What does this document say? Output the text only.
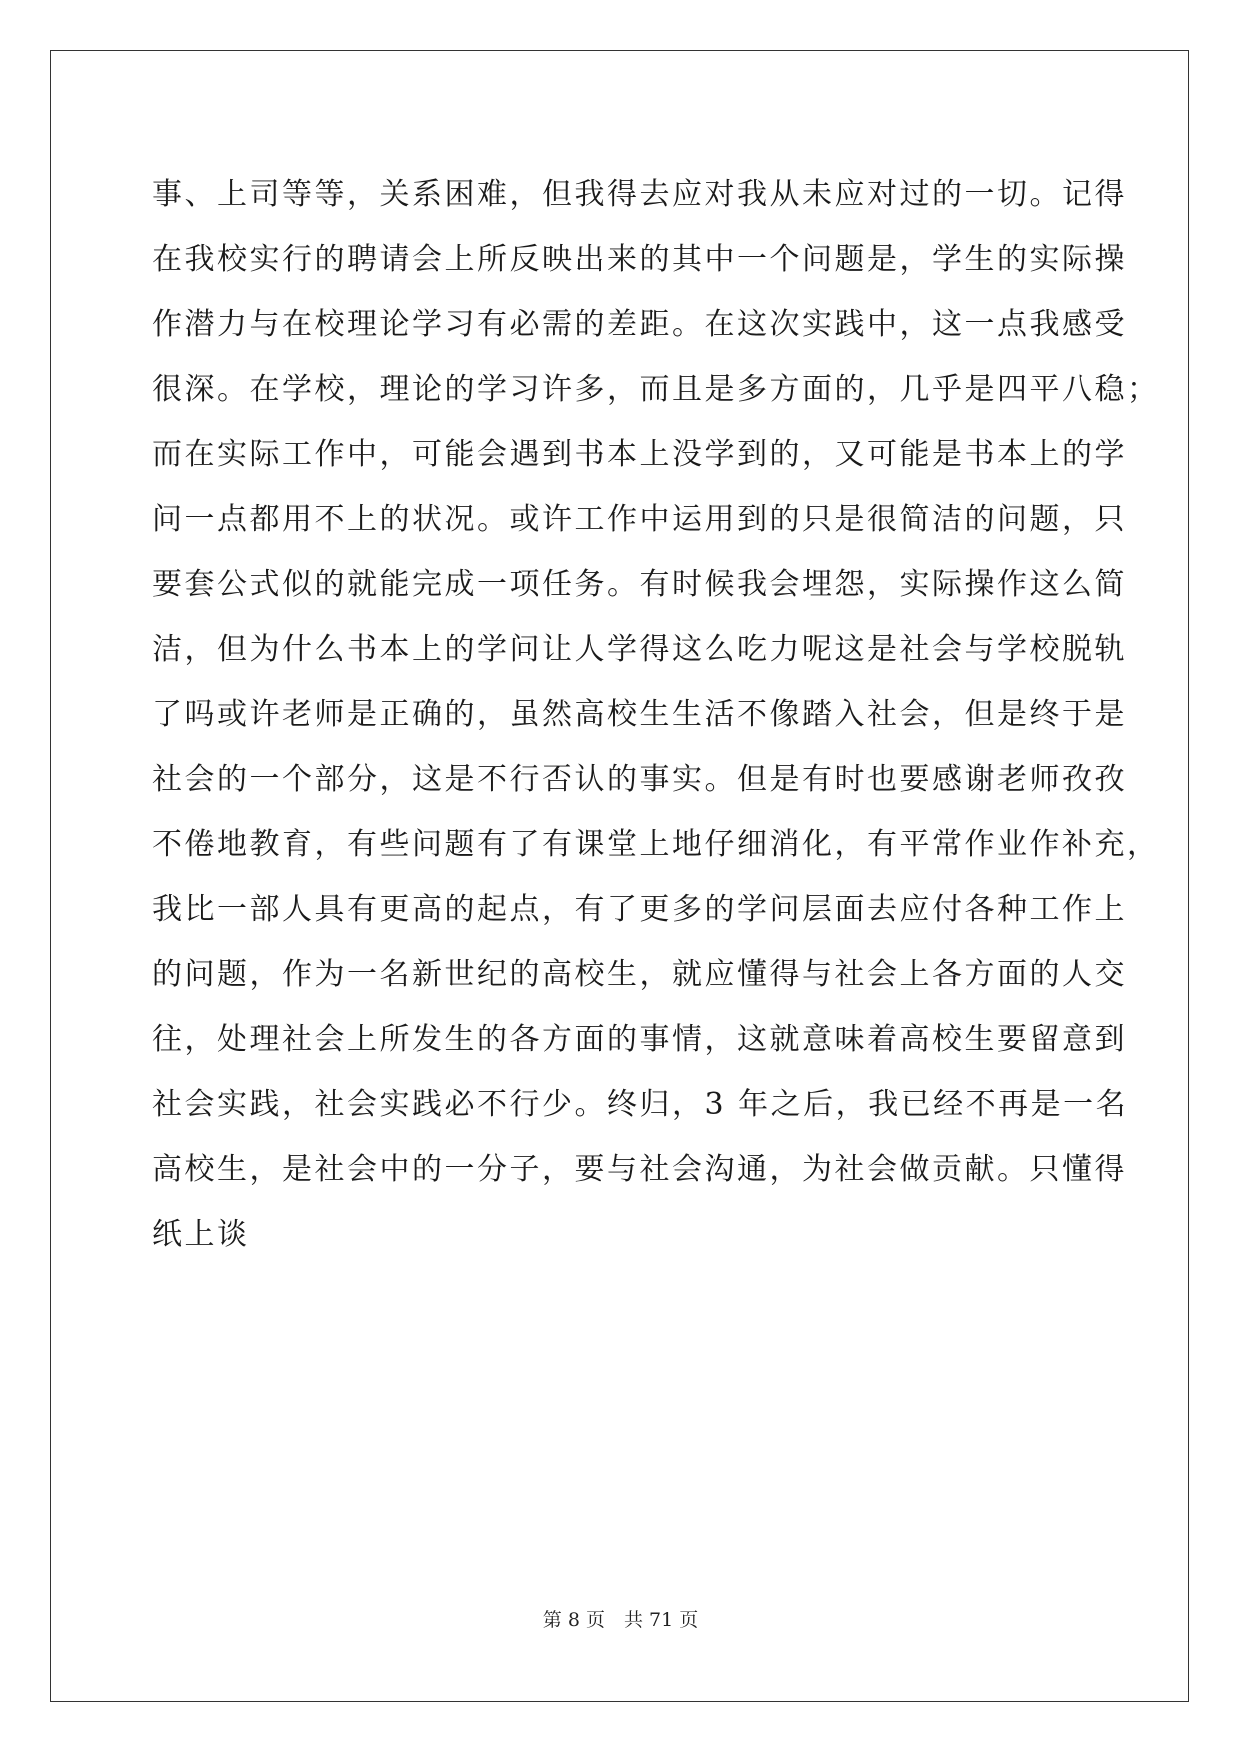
事、上司等等，关系困难，但我得去应对我从未应对过的一切。记得
在我校实行的聘请会上所反映出来的其中一个问题是，学生的实际操
作潜力与在校理论学习有必需的差距。在这次实践中，这一点我感受
很深。在学校，理论的学习许多，而且是多方面的，几乎是四平八稳；
而在实际工作中，可能会遇到书本上没学到的，又可能是书本上的学
问一点都用不上的状况。或许工作中运用到的只是很简洁的问题，只
要套公式似的就能完成一项任务。有时候我会埋怨，实际操作这么简
洁，但为什么书本上的学问让人学得这么吃力呢这是社会与学校脱轨
了吗或许老师是正确的，虽然高校生生活不像踏入社会，但是终于是
社会的一个部分，这是不行否认的事实。但是有时也要感谢老师孜孜
不倦地教育，有些问题有了有课堂上地仔细消化，有平常作业作补充，
我比一部人具有更高的起点，有了更多的学问层面去应付各种工作上
的问题，作为一名新世纪的高校生，就应懂得与社会上各方面的人交
往，处理社会上所发生的各方面的事情，这就意味着高校生要留意到
社会实践，社会实践必不行少。终归，3 年之后，我已经不再是一名
高校生，是社会中的一分子，要与社会沟通，为社会做贡献。只懂得
纸上谈
第 8 页　共 71 页
